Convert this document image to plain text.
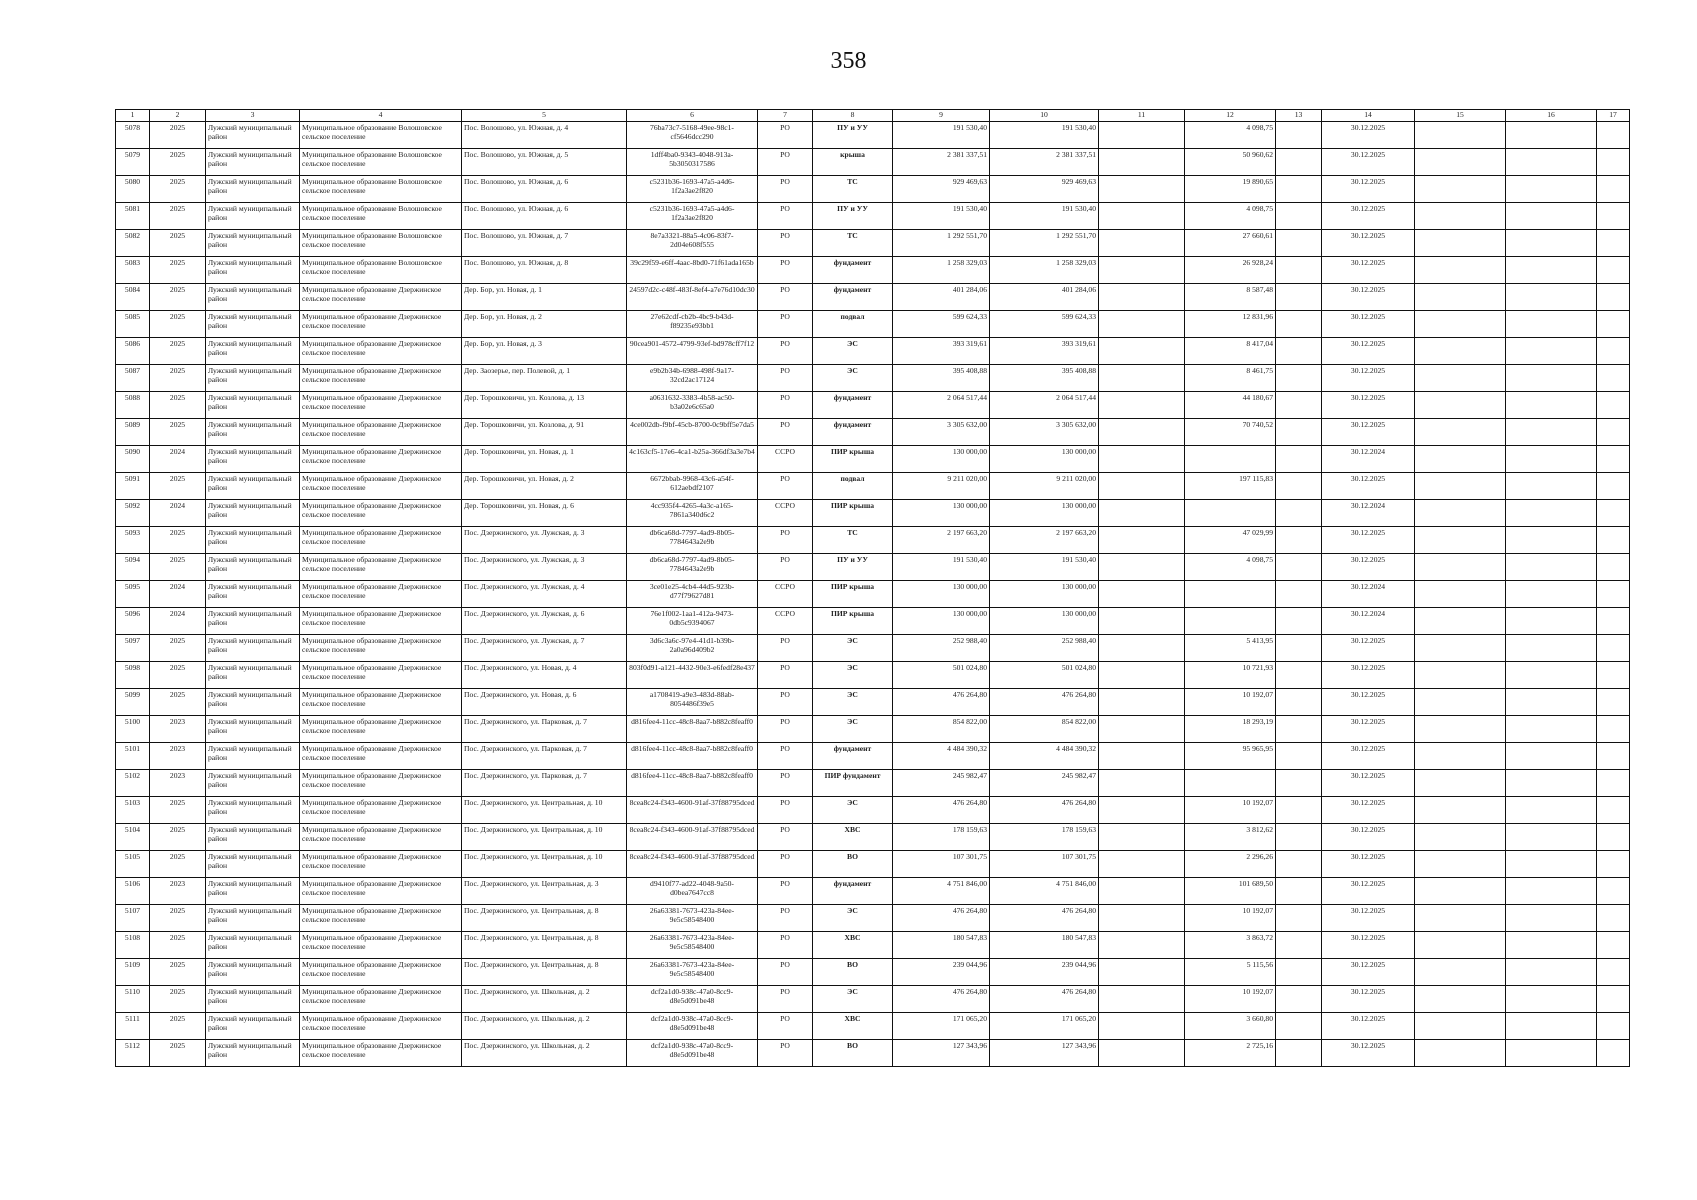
358
1	2	3	4	5	6	7	8	9	10	11	12	13	14	15	16	17
5078	2025	Лужский муниципальный район	Муниципальное образование Волошовское сельское поселение	Пос. Волошово, ул. Южная, д. 4	76ba73c7-5168-49ee-98c1-cf5646dcc290	РО	ПУ и УУ	191 530,40	191 530,40		4 098,75		30.12.2025			
5079	2025	Лужский муниципальный район	Муниципальное образование Волошовское сельское поселение	Пос. Волошово, ул. Южная, д. 5	1dff4ba0-9343-4048-913a-5b3050317586	РО	крыша	2 381 337,51	2 381 337,51		50 960,62		30.12.2025			
5080	2025	Лужский муниципальный район	Муниципальное образование Волошовское сельское поселение	Пос. Волошово, ул. Южная, д. 6	c5231b36-1693-47a5-a4d6-1f2a3ae2f820	РО	ТС	929 469,63	929 469,63		19 890,65		30.12.2025			
5081	2025	Лужский муниципальный район	Муниципальное образование Волошовское сельское поселение	Пос. Волошово, ул. Южная, д. 6	c5231b36-1693-47a5-a4d6-1f2a3ae2f820	РО	ПУ и УУ	191 530,40	191 530,40		4 098,75		30.12.2025			
5082	2025	Лужский муниципальный район	Муниципальное образование Волошовское сельское поселение	Пос. Волошово, ул. Южная, д. 7	8e7a3321-88a5-4c06-83f7-2d04e608f555	РО	ТС	1 292 551,70	1 292 551,70		27 660,61		30.12.2025			
5083	2025	Лужский муниципальный район	Муниципальное образование Волошовское сельское поселение	Пос. Волошово, ул. Южная, д. 8	39c29f59-e6ff-4aac-8bd0-71f61ada165b	РО	фундамент	1 258 329,03	1 258 329,03		26 928,24		30.12.2025			
5084	2025	Лужский муниципальный район	Муниципальное образование Дзержинское сельское поселение	Дер. Бор, ул. Новая, д. 1	24597d2c-c48f-483f-8ef4-a7e76d10dc30	РО	фундамент	401 284,06	401 284,06		8 587,48		30.12.2025			
5085	2025	Лужский муниципальный район	Муниципальное образование Дзержинское сельское поселение	Дер. Бор, ул. Новая, д. 2	27e62cdf-cb2b-4bc9-b43d-f89235e93bb1	РО	подвал	599 624,33	599 624,33		12 831,96		30.12.2025			
5086	2025	Лужский муниципальный район	Муниципальное образование Дзержинское сельское поселение	Дер. Бор, ул. Новая, д. 3	90cea901-4572-4799-93ef-bd978cff7f12	РО	ЭС	393 319,61	393 319,61		8 417,04		30.12.2025			
5087	2025	Лужский муниципальный район	Муниципальное образование Дзержинское сельское поселение	Дер. Заозерье, пер. Полевой, д. 1	e9b2b34b-6988-498f-9a17-32cd2ac17124	РО	ЭС	395 408,88	395 408,88		8 461,75		30.12.2025			
5088	2025	Лужский муниципальный район	Муниципальное образование Дзержинское сельское поселение	Дер. Торошковичи, ул. Козлова, д. 13	a0631632-3383-4b58-ac50-b3a02e6c65a0	РО	фундамент	2 064 517,44	2 064 517,44		44 180,67		30.12.2025			
5089	2025	Лужский муниципальный район	Муниципальное образование Дзержинское сельское поселение	Дер. Торошковичи, ул. Козлова, д. 91	4ce002db-f9bf-45cb-8700-0c9bff5e7da5	РО	фундамент	3 305 632,00	3 305 632,00		70 740,52		30.12.2025			
5090	2024	Лужский муниципальный район	Муниципальное образование Дзержинское сельское поселение	Дер. Торошковичи, ул. Новая, д. 1	4c163cf5-17e6-4ca1-b25a-366df3a3e7b4	ССРО	ПИР крыша	130 000,00	130 000,00				30.12.2024			
5091	2025	Лужский муниципальный район	Муниципальное образование Дзержинское сельское поселение	Дер. Торошковичи, ул. Новая, д. 2	6672bbab-9968-43c6-a54f-612aebdf2107	РО	подвал	9 211 020,00	9 211 020,00		197 115,83		30.12.2025			
5092	2024	Лужский муниципальный район	Муниципальное образование Дзержинское сельское поселение	Дер. Торошковичи, ул. Новая, д. 6	4cc935f4-4265-4a3c-a165-7861a340d6c2	ССРО	ПИР крыша	130 000,00	130 000,00				30.12.2024			
5093	2025	Лужский муниципальный район	Муниципальное образование Дзержинское сельское поселение	Пос. Дзержинского, ул. Лужская, д. 3	db6ca68d-7797-4ad9-8b05-7784643a2e9b	РО	ТС	2 197 663,20	2 197 663,20		47 029,99		30.12.2025			
5094	2025	Лужский муниципальный район	Муниципальное образование Дзержинское сельское поселение	Пос. Дзержинского, ул. Лужская, д. 3	db6ca68d-7797-4ad9-8b05-7784643a2e9b	РО	ПУ и УУ	191 530,40	191 530,40		4 098,75		30.12.2025			
5095	2024	Лужский муниципальный район	Муниципальное образование Дзержинское сельское поселение	Пос. Дзержинского, ул. Лужская, д. 4	3ce01e25-4cb4-44d5-923b-d77f79627d81	ССРО	ПИР крыша	130 000,00	130 000,00				30.12.2024			
5096	2024	Лужский муниципальный район	Муниципальное образование Дзержинское сельское поселение	Пос. Дзержинского, ул. Лужская, д. 6	76e1f002-1aa1-412a-9473-0db5c9394067	ССРО	ПИР крыша	130 000,00	130 000,00				30.12.2024			
5097	2025	Лужский муниципальный район	Муниципальное образование Дзержинское сельское поселение	Пос. Дзержинского, ул. Лужская, д. 7	3d6c3a6c-97e4-41d1-b39b-2a0a96d409b2	РО	ЭС	252 988,40	252 988,40		5 413,95		30.12.2025			
5098	2025	Лужский муниципальный район	Муниципальное образование Дзержинское сельское поселение	Пос. Дзержинского, ул. Новая, д. 4	803f0d91-a121-4432-90e3-e6fedf28e437	РО	ЭС	501 024,80	501 024,80		10 721,93		30.12.2025			
5099	2025	Лужский муниципальный район	Муниципальное образование Дзержинское сельское поселение	Пос. Дзержинского, ул. Новая, д. 6	a1708419-a9e3-483d-88ab-8054486f39e5	РО	ЭС	476 264,80	476 264,80		10 192,07		30.12.2025			
5100	2023	Лужский муниципальный район	Муниципальное образование Дзержинское сельское поселение	Пос. Дзержинского, ул. Парковая, д. 7	d816fee4-11cc-48c8-8aa7-b882c8feaff0	РО	ЭС	854 822,00	854 822,00		18 293,19		30.12.2025			
5101	2023	Лужский муниципальный район	Муниципальное образование Дзержинское сельское поселение	Пос. Дзержинского, ул. Парковая, д. 7	d816fee4-11cc-48c8-8aa7-b882c8feaff0	РО	фундамент	4 484 390,32	4 484 390,32		95 965,95		30.12.2025			
5102	2023	Лужский муниципальный район	Муниципальное образование Дзержинское сельское поселение	Пос. Дзержинского, ул. Парковая, д. 7	d816fee4-11cc-48c8-8aa7-b882c8feaff0	РО	ПИР фундамент	245 982,47	245 982,47				30.12.2025			
5103	2025	Лужский муниципальный район	Муниципальное образование Дзержинское сельское поселение	Пос. Дзержинского, ул. Центральная, д. 10	8cea8c24-f343-4600-91af-37f88795dced	РО	ЭС	476 264,80	476 264,80		10 192,07		30.12.2025			
5104	2025	Лужский муниципальный район	Муниципальное образование Дзержинское сельское поселение	Пос. Дзержинского, ул. Центральная, д. 10	8cea8c24-f343-4600-91af-37f88795dced	РО	ХВС	178 159,63	178 159,63		3 812,62		30.12.2025			
5105	2025	Лужский муниципальный район	Муниципальное образование Дзержинское сельское поселение	Пос. Дзержинского, ул. Центральная, д. 10	8cea8c24-f343-4600-91af-37f88795dced	РО	ВО	107 301,75	107 301,75		2 296,26		30.12.2025			
5106	2023	Лужский муниципальный район	Муниципальное образование Дзержинское сельское поселение	Пос. Дзержинского, ул. Центральная, д. 3	d9410f77-ad22-4048-9a50-d0bea7647cc8	РО	фундамент	4 751 846,00	4 751 846,00		101 689,50		30.12.2025			
5107	2025	Лужский муниципальный район	Муниципальное образование Дзержинское сельское поселение	Пос. Дзержинского, ул. Центральная, д. 8	26a63381-7673-423a-84ee-9e5c58548400	РО	ЭС	476 264,80	476 264,80		10 192,07		30.12.2025			
5108	2025	Лужский муниципальный район	Муниципальное образование Дзержинское сельское поселение	Пос. Дзержинского, ул. Центральная, д. 8	26a63381-7673-423a-84ee-9e5c58548400	РО	ХВС	180 547,83	180 547,83		3 863,72		30.12.2025			
5109	2025	Лужский муниципальный район	Муниципальное образование Дзержинское сельское поселение	Пос. Дзержинского, ул. Центральная, д. 8	26a63381-7673-423a-84ee-9e5c58548400	РО	ВО	239 044,96	239 044,96		5 115,56		30.12.2025			
5110	2025	Лужский муниципальный район	Муниципальное образование Дзержинское сельское поселение	Пос. Дзержинского, ул. Школьная, д. 2	dcf2a1d0-938c-47a0-8cc9-d8e5d091be48	РО	ЭС	476 264,80	476 264,80		10 192,07		30.12.2025			
5111	2025	Лужский муниципальный район	Муниципальное образование Дзержинское сельское поселение	Пос. Дзержинского, ул. Школьная, д. 2	dcf2a1d0-938c-47a0-8cc9-d8e5d091be48	РО	ХВС	171 065,20	171 065,20		3 660,80		30.12.2025			
5112	2025	Лужский муниципальный район	Муниципальное образование Дзержинское сельское поселение	Пос. Дзержинского, ул. Школьная, д. 2	dcf2a1d0-938c-47a0-8cc9-d8e5d091be48	РО	ВО	127 343,96	127 343,96		2 725,16		30.12.2025			
